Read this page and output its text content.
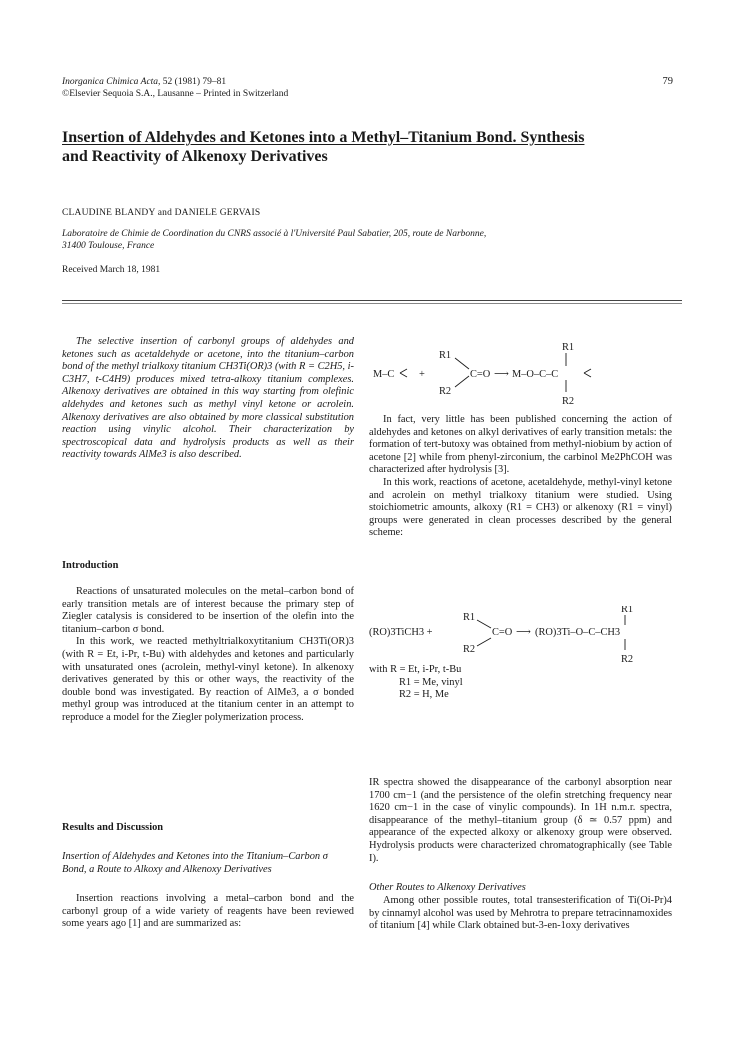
Inorganica Chimica Acta, 52 (1981) 79–81
©Elsevier Sequoia S.A., Lausanne – Printed in Switzerland
79
Insertion of Aldehydes and Ketones into a Methyl–Titanium Bond. Synthesis
and Reactivity of Alkenoxy Derivatives
CLAUDINE BLANDY and DANIELE GERVAIS
Laboratoire de Chimie de Coordination du CNRS associé à l'Université Paul Sabatier, 205, route de Narbonne,
31400 Toulouse, France
Received March 18, 1981

The selective insertion of carbonyl groups of aldehydes and ketones such as acetaldehyde or acetone, into the titanium–carbon bond of the methyl trialkoxy titanium CH3Ti(OR)3 (with R = C2H5, i-C3H7, t-C4H9) produces mixed tetra-alkoxy titanium complexes. Alkenoxy derivatives are obtained in this way starting from olefinic aldehydes and ketones such as methyl vinyl ketone or acrolein. Alkenoxy derivatives are also obtained by more classical substitution reaction using vinylic alcohol. Their characterization by spectroscopical data and hydrolysis products as well as their reactivity towards AlMe3 is also described.

Introduction

Reactions of unsaturated molecules on the metal–carbon bond of early transition metals are of interest because the primary step of Ziegler catalysis is considered to be insertion of the olefin into the titanium–carbon σ bond.

In this work, we reacted methyltrialkoxytitanium CH3Ti(OR)3 (with R = Et, i-Pr, t-Bu) with aldehydes and ketones and particularly with unsaturated ones (acrolein, methyl-vinyl ketone). In alkenoxy derivatives generated by this or other ways, the reactivity of the double bond was investigated. By reaction of AlMe3, a σ bonded methyl group was introduced at the titanium center in an attempt to reproduce a model for the Ziegler polymerization process.

Results and Discussion
Insertion of Aldehydes and Ketones into the Titanium–Carbon σ Bond, a Route to Alkoxy and Alkenoxy Derivatives

Insertion reactions involving a metal–carbon bond and the carbonyl group of a wide variety of reagents have been reviewed some years ago [1] and are summarized as:

M–C +
R1
R2
C=O ⟶ M–O–C–C
R1
R2

In fact, very little has been published concerning the action of aldehydes and ketones on alkyl derivatives of early transition metals: the formation of tert-butoxy was obtained from methyl-niobium by action of acetone [2] while from phenyl-zirconium, the carbinol Me2PhCOH was characterized after hydrolysis [3].

In this work, reactions of acetone, acetaldehyde, methyl-vinyl ketone and acrolein on methyl trialkoxy titanium were studied. Using stoichiometric amounts, alkoxy (R1 = CH3) or alkenoxy (R1 = vinyl) groups were generated in clean processes described by the general scheme:

(RO)3TiCH3 +
R1
R2
C=O ⟶ (RO)3Ti–O–C–CH3
R1
R2
with R = Et, i-Pr, t-Bu
R1 = Me, vinyl
R2 = H, Me

IR spectra showed the disappearance of the carbonyl absorption near 1700 cm−1 (and the persistence of the olefin stretching frequency near 1620 cm−1 in the case of vinylic compounds). In 1H n.m.r. spectra, disappearance of the methyl–titanium group (δ ≃ 0.57 ppm) and appearance of the expected alkoxy or alkenoxy group were observed. Hydrolysis products were characterized chromatographically (see Table I).

Other Routes to Alkenoxy Derivatives

Among other possible routes, total transesterification of Ti(Oi-Pr)4 by cinnamyl alcohol was used by Mehrotra to prepare tetracinnamoxides of titanium [4] while Clark obtained but-3-en-1oxy derivatives
